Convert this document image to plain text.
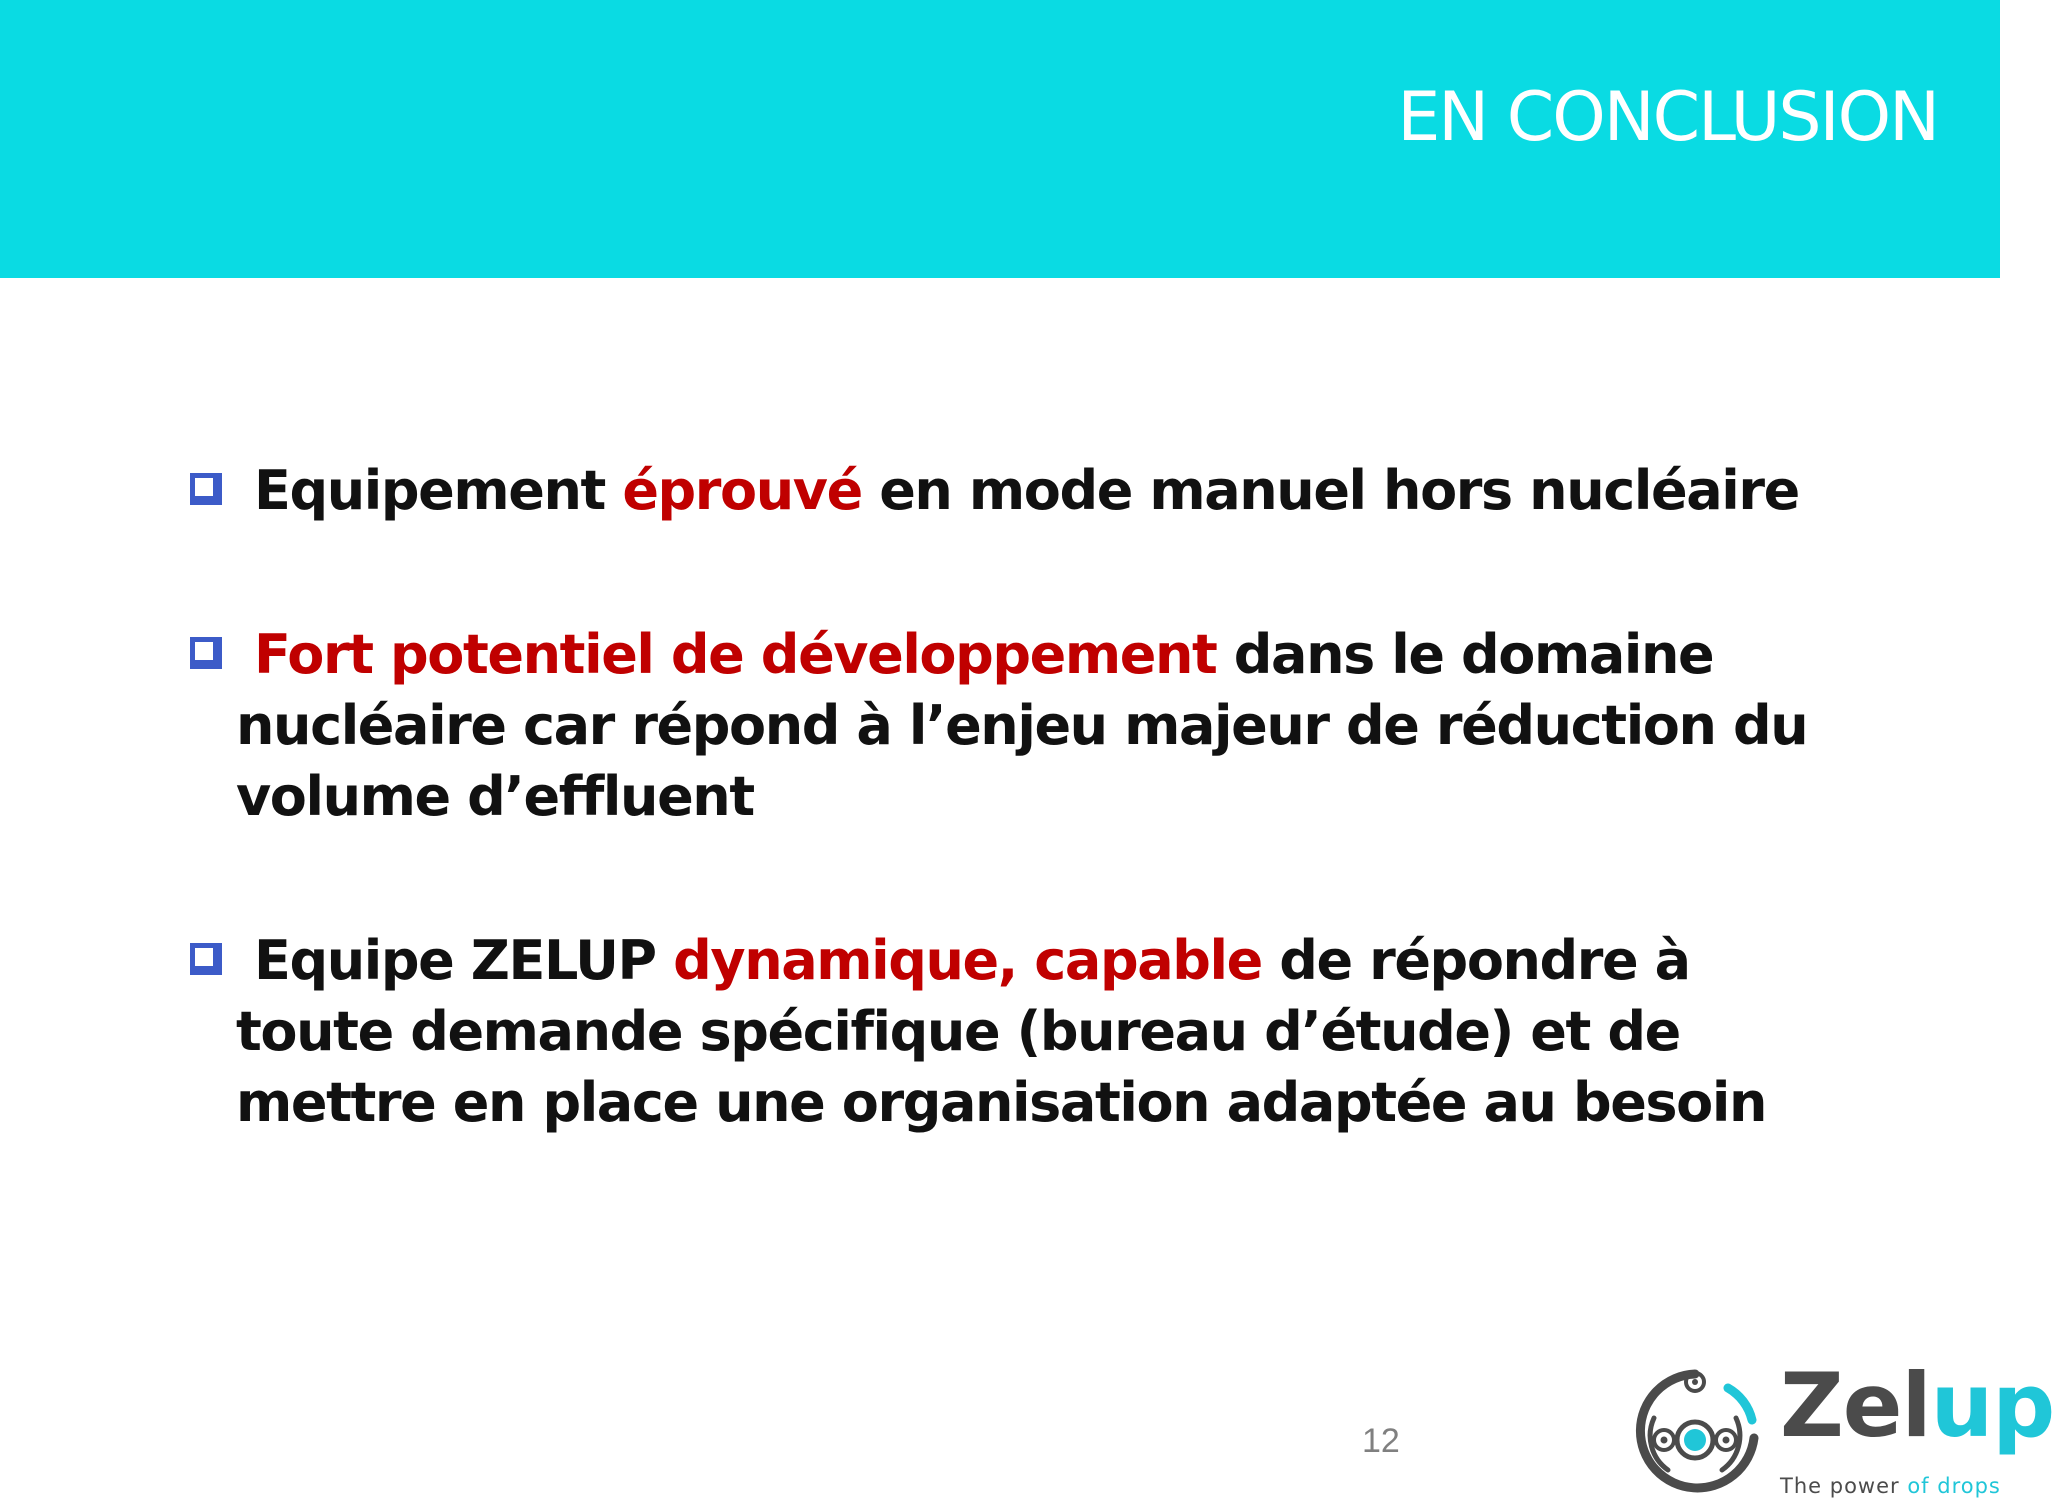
EN CONCLUSION
Equipement éprouvé en mode manuel hors nucléaire
Fort potentiel de développement dans le domaine nucléaire car répond à l’enjeu majeur de réduction du volume d’effluent
Equipe ZELUP dynamique, capable de répondre à toute demande spécifique (bureau d’étude) et de mettre en place une organisation adaptée au besoin
12	Zelup
The power of drops
